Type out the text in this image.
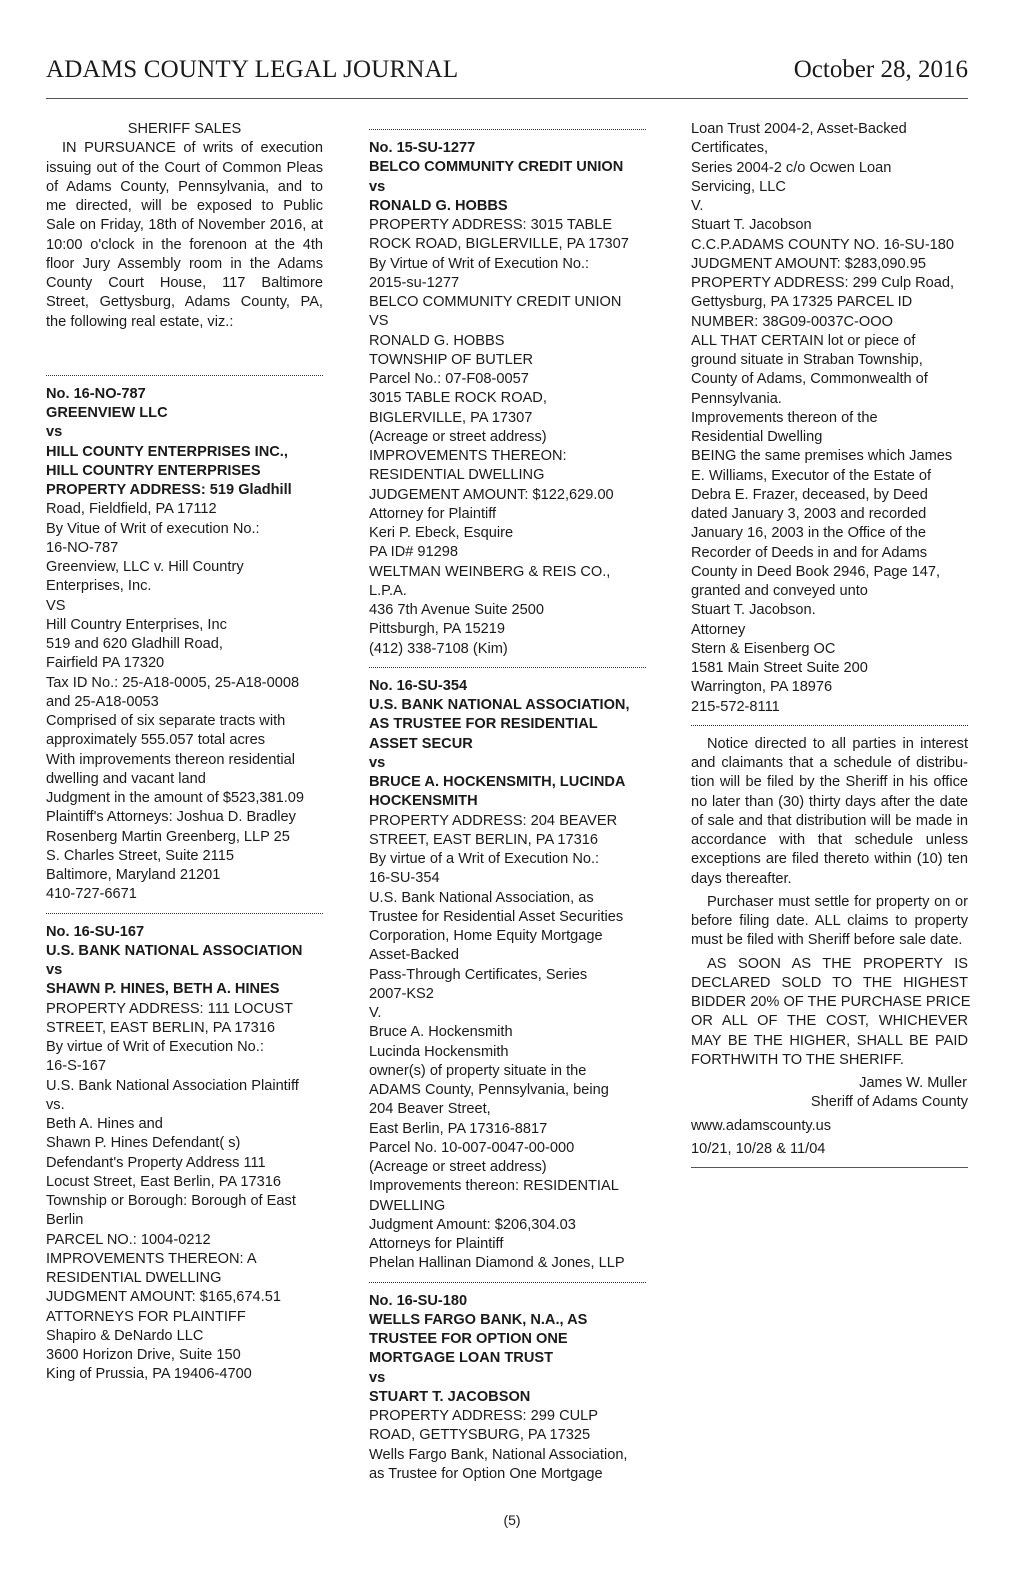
ADAMS COUNTY LEGAL JOURNAL	October 28, 2016
SHERIFF SALES
IN PURSUANCE of writs of execution
issuing out of the Court of Common Pleas
of Adams County, Pennsylvania, and to
me directed, will be exposed to Public
Sale on Friday, 18th of November 2016, at
10:00 o'clock in the forenoon at the 4th
floor Jury Assembly room in the Adams
County Court House, 117 Baltimore
Street, Gettysburg, Adams County, PA,
the following real estate, viz.:
No. 16-NO-787
GREENVIEW LLC
vs
HILL COUNTY ENTERPRISES INC.,
HILL COUNTRY ENTERPRISES
PROPERTY ADDRESS: 519 Gladhill
Road, Fieldfield, PA 17112
By Vitue of Writ of execution No.:
16-NO-787
Greenview, LLC v. Hill Country
Enterprises, Inc.
VS
Hill Country Enterprises, Inc
519 and 620 Gladhill Road,
Fairfield PA 17320
Tax ID No.: 25-A18-0005, 25-A18-0008
and 25-A18-0053
Comprised of six separate tracts with
approximately 555.057 total acres
With improvements thereon residential
dwelling and vacant land
Judgment in the amount of $523,381.09
Plaintiff's Attorneys: Joshua D. Bradley
Rosenberg Martin Greenberg, LLP 25
S. Charles Street, Suite 2115
Baltimore, Maryland 21201
410-727-6671
No. 16-SU-167
U.S. BANK NATIONAL ASSOCIATION
vs
SHAWN P. HINES, BETH A. HINES
PROPERTY ADDRESS: 111 LOCUST
STREET, EAST BERLIN, PA 17316
By virtue of Writ of Execution No.:
16-S-167
U.S. Bank National Association Plaintiff
vs.
Beth A. Hines and
Shawn P. Hines Defendant( s)
Defendant's Property Address 111
Locust Street, East Berlin, PA 17316
Township or Borough: Borough of East
Berlin
PARCEL NO.: 1004-0212
IMPROVEMENTS THEREON: A
RESIDENTIAL DWELLING
JUDGMENT AMOUNT: $165,674.51
ATTORNEYS FOR PLAINTIFF
Shapiro & DeNardo LLC
3600 Horizon Drive, Suite 150
King of Prussia, PA 19406-4700
No. 15-SU-1277
BELCO COMMUNITY CREDIT UNION
vs
RONALD G. HOBBS
PROPERTY ADDRESS: 3015 TABLE
ROCK ROAD, BIGLERVILLE, PA 17307
By Virtue of Writ of Execution No.:
2015-su-1277
BELCO COMMUNITY CREDIT UNION
VS
RONALD G. HOBBS
TOWNSHIP OF BUTLER
Parcel No.: 07-F08-0057
3015 TABLE ROCK ROAD,
BIGLERVILLE, PA 17307
(Acreage or street address)
IMPROVEMENTS THEREON:
RESIDENTIAL DWELLING
JUDGEMENT AMOUNT: $122,629.00
Attorney for Plaintiff
Keri P. Ebeck, Esquire
PA ID# 91298
WELTMAN WEINBERG & REIS CO.,
L.P.A.
436 7th Avenue Suite 2500
Pittsburgh, PA 15219
(412) 338-7108 (Kim)
No. 16-SU-354
U.S. BANK NATIONAL ASSOCIATION,
AS TRUSTEE FOR RESIDENTIAL
ASSET SECUR
vs
BRUCE A. HOCKENSMITH, LUCINDA
HOCKENSMITH
PROPERTY ADDRESS: 204 BEAVER
STREET, EAST BERLIN, PA 17316
By virtue of a Writ of Execution No.:
16-SU-354
U.S. Bank National Association, as
Trustee for Residential Asset Securities
Corporation, Home Equity Mortgage
Asset-Backed
Pass-Through Certificates, Series
2007-KS2
V.
Bruce A. Hockensmith
Lucinda Hockensmith
owner(s) of property situate in the
ADAMS County, Pennsylvania, being
204 Beaver Street,
East Berlin, PA 17316-8817
Parcel No. 10-007-0047-00-000
(Acreage or street address)
Improvements thereon: RESIDENTIAL
DWELLING
Judgment Amount: $206,304.03
Attorneys for Plaintiff
Phelan Hallinan Diamond & Jones, LLP
No. 16-SU-180
WELLS FARGO BANK, N.A., AS
TRUSTEE FOR OPTION ONE
MORTGAGE LOAN TRUST
vs
STUART T. JACOBSON
PROPERTY ADDRESS: 299 CULP
ROAD, GETTYSBURG, PA 17325
Wells Fargo Bank, National Association,
as Trustee for Option One Mortgage
Loan Trust 2004-2, Asset-Backed
Certificates,
Series 2004-2 c/o Ocwen Loan
Servicing, LLC
V.
Stuart T. Jacobson
C.C.P.ADAMS COUNTY NO. 16-SU-180
JUDGMENT AMOUNT: $283,090.95
PROPERTY ADDRESS: 299 Culp Road,
Gettysburg, PA 17325 PARCEL ID
NUMBER: 38G09-0037C-OOO
ALL THAT CERTAIN lot or piece of
ground situate in Straban Township,
County of Adams, Commonwealth of
Pennsylvania.
Improvements thereon of the
Residential Dwelling
BEING the same premises which James
E. Williams, Executor of the Estate of
Debra E. Frazer, deceased, by Deed
dated January 3, 2003 and recorded
January 16, 2003 in the Office of the
Recorder of Deeds in and for Adams
County in Deed Book 2946, Page 147,
granted and conveyed unto
Stuart T. Jacobson.
Attorney
Stern & Eisenberg OC
1581 Main Street Suite 200
Warrington, PA 18976
215-572-8111
Notice directed to all parties in interest
and claimants that a schedule of distribu-
tion will be filed by the Sheriff in his office
no later than (30) thirty days after the date
of sale and that distribution will be made in
accordance with that schedule unless
exceptions are filed thereto within (10) ten
days thereafter.
Purchaser must settle for property on or
before filing date. ALL claims to property
must be filed with Sheriff before sale date.
AS SOON AS THE PROPERTY IS
DECLARED SOLD TO THE HIGHEST
BIDDER 20% OF THE PURCHASE PRICE
OR ALL OF THE COST, WHICHEVER
MAY BE THE HIGHER, SHALL BE PAID
FORTHWITH TO THE SHERIFF.
James W. Muller
Sheriff of Adams County
www.adamscounty.us
10/21, 10/28 & 11/04
(5)
